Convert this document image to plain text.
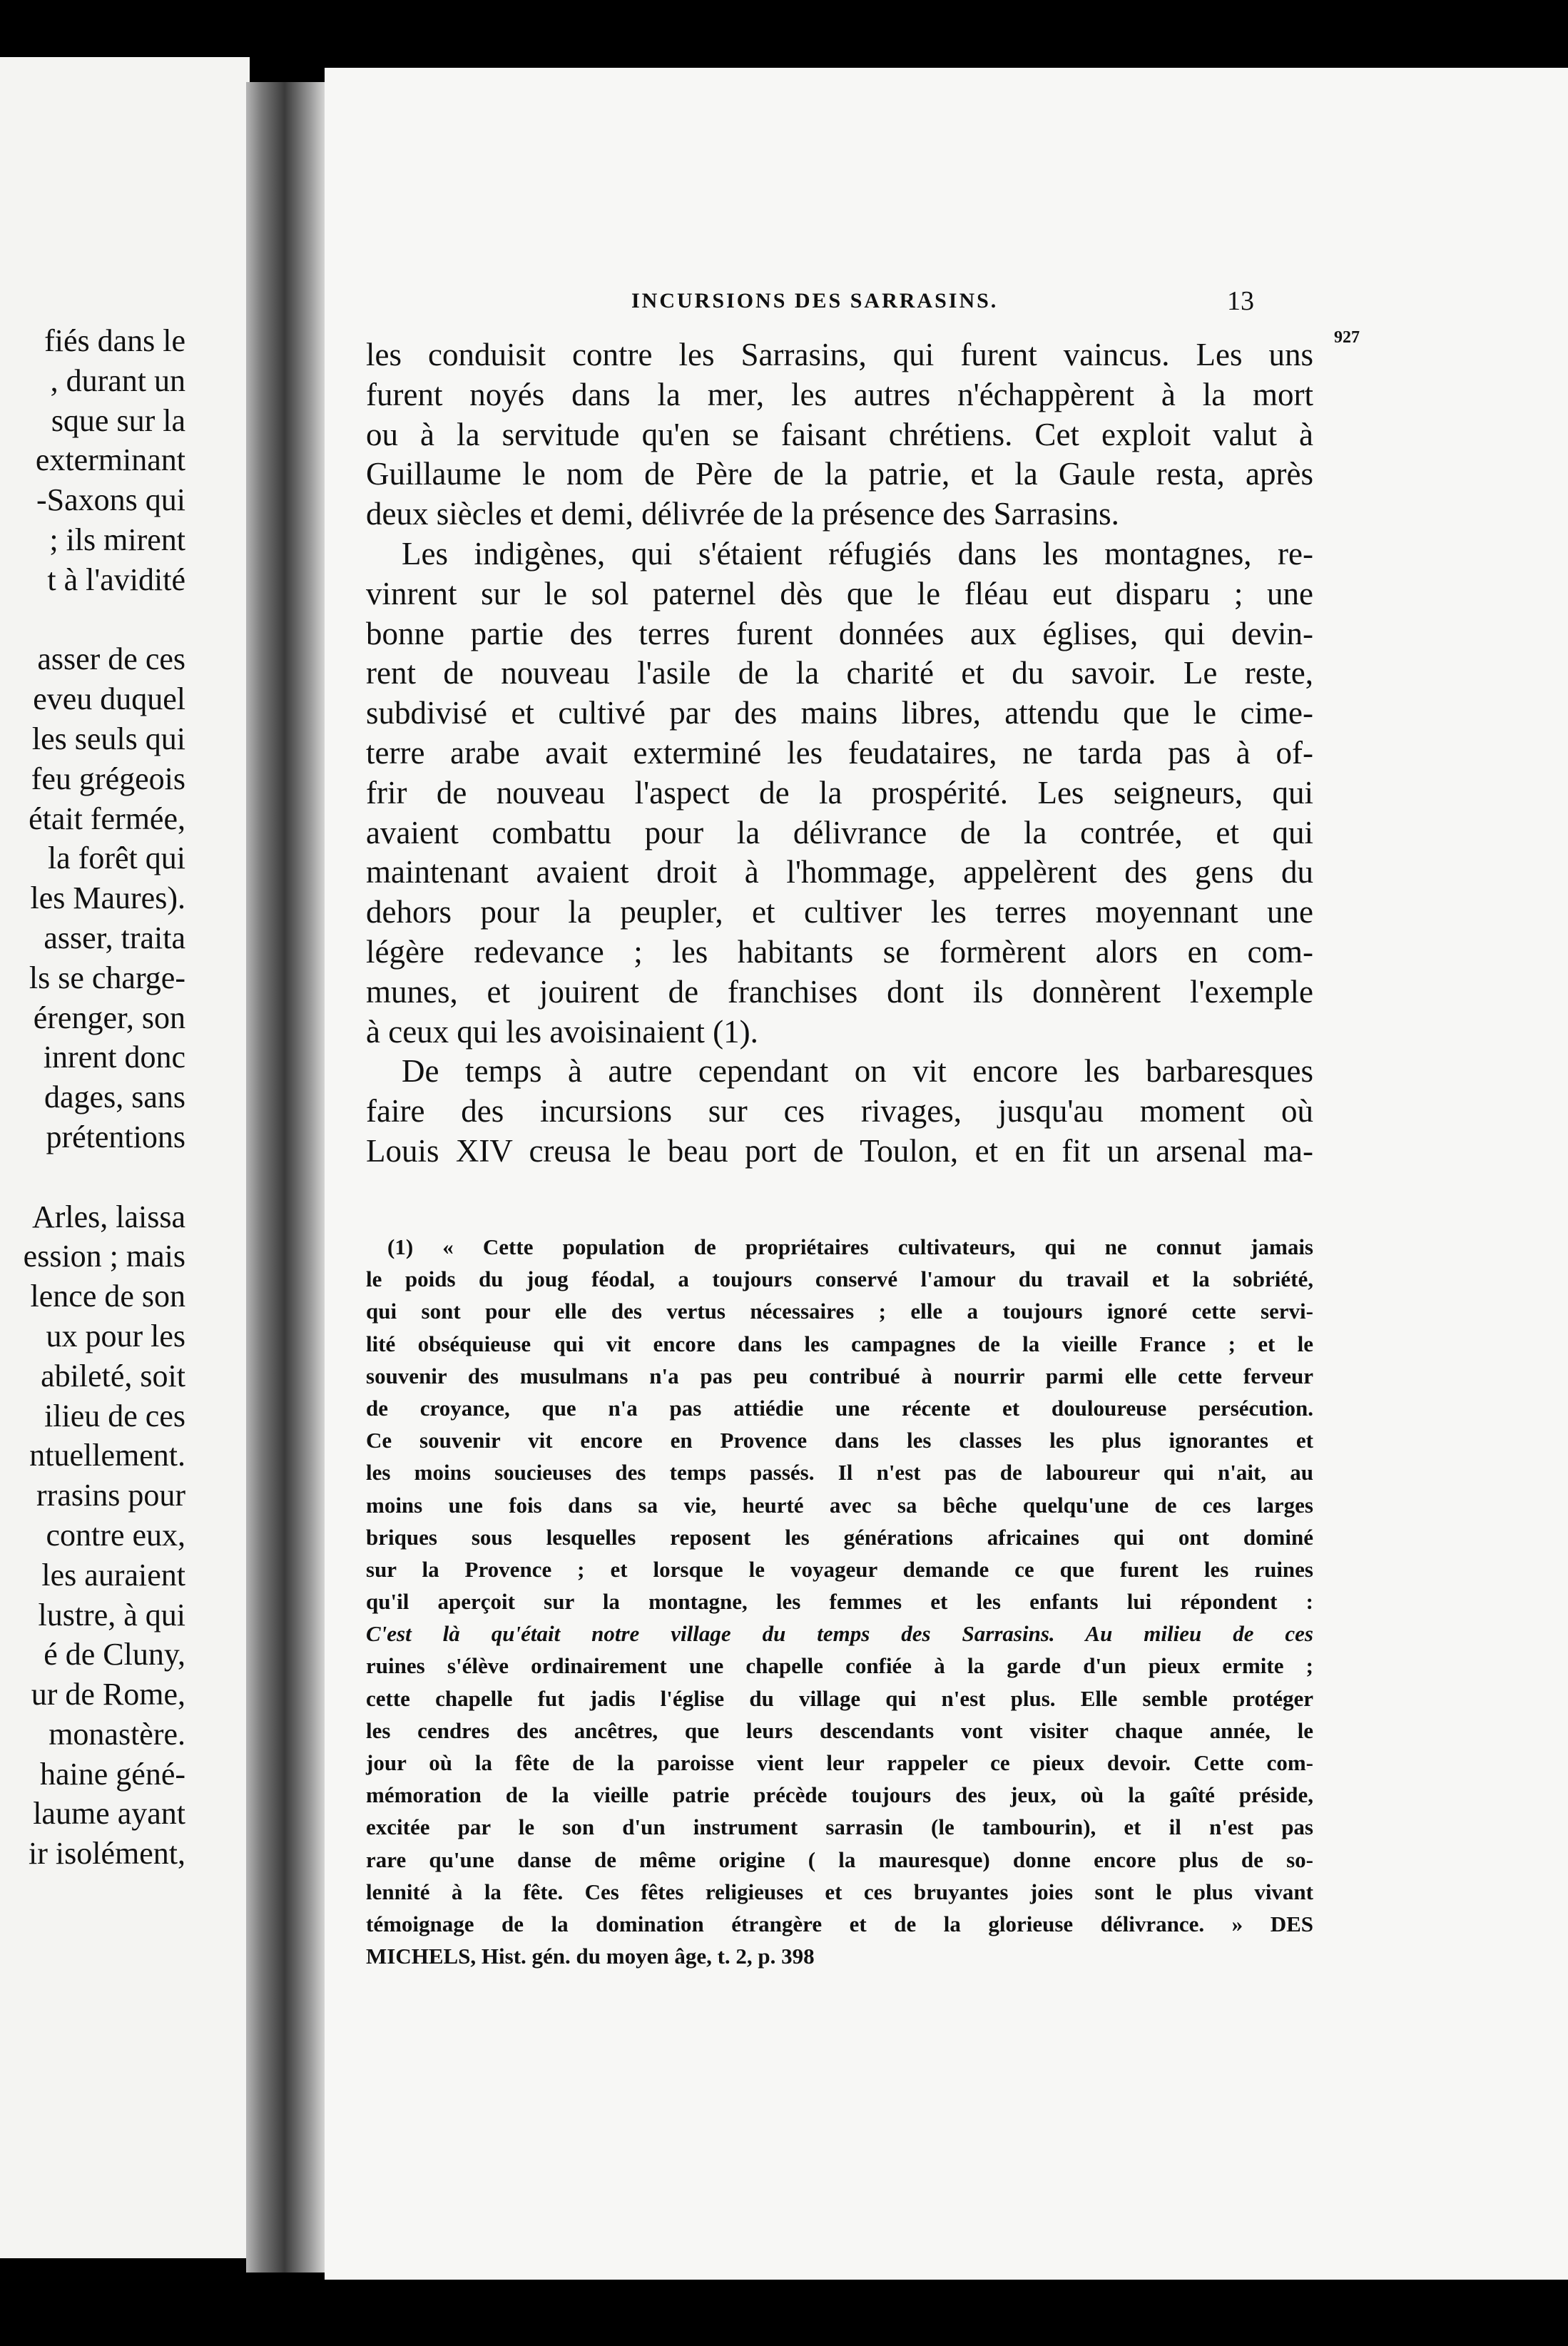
fiés dans le
, durant un
sque sur la
exterminant
-Saxons qui
; ils mirent
t à l'avidité
asser de ces
eveu duquel
les seuls qui
feu grégeois
était fermée,
la forêt qui
les Maures).
asser, traita
ls se charge-
érenger, son
inrent donc
dages, sans
prétentions
Arles, laissa
ession ; mais
lence de son
ux pour les
abileté, soit
ilieu de ces
ntuellement.
rrasins pour
contre eux,
les auraient
lustre, à qui
é de Cluny,
ur de Rome,
monastère.
haine géné-
laume ayant
ir isolément,
INCURSIONS DES SARRASINS.	13
927
les conduisit contre les Sarrasins, qui furent vaincus. Les uns
furent noyés dans la mer, les autres n'échappèrent à la mort
ou à la servitude qu'en se faisant chrétiens. Cet exploit valut à
Guillaume le nom de Père de la patrie, et la Gaule resta, après
deux siècles et demi, délivrée de la présence des Sarrasins.
Les indigènes, qui s'étaient réfugiés dans les montagnes, re-
vinrent sur le sol paternel dès que le fléau eut disparu ; une
bonne partie des terres furent données aux églises, qui devin-
rent de nouveau l'asile de la charité et du savoir. Le reste,
subdivisé et cultivé par des mains libres, attendu que le cime-
terre arabe avait exterminé les feudataires, ne tarda pas à of-
frir de nouveau l'aspect de la prospérité. Les seigneurs, qui
avaient combattu pour la délivrance de la contrée, et qui
maintenant avaient droit à l'hommage, appelèrent des gens du
dehors pour la peupler, et cultiver les terres moyennant une
légère redevance ; les habitants se formèrent alors en com-
munes, et jouirent de franchises dont ils donnèrent l'exemple
à ceux qui les avoisinaient (1).
De temps à autre cependant on vit encore les barbaresques
faire des incursions sur ces rivages, jusqu'au moment où
Louis XIV creusa le beau port de Toulon, et en fit un arsenal ma-
(1) « Cette population de propriétaires cultivateurs, qui ne connut jamais
le poids du joug féodal, a toujours conservé l'amour du travail et la sobriété,
qui sont pour elle des vertus nécessaires ; elle a toujours ignoré cette servi-
lité obséquieuse qui vit encore dans les campagnes de la vieille France ; et le
souvenir des musulmans n'a pas peu contribué à nourrir parmi elle cette ferveur
de croyance, que n'a pas attiédie une récente et douloureuse persécution.
Ce souvenir vit encore en Provence dans les classes les plus ignorantes et
les moins soucieuses des temps passés. Il n'est pas de laboureur qui n'ait, au
moins une fois dans sa vie, heurté avec sa bêche quelqu'une de ces larges
briques sous lesquelles reposent les générations africaines qui ont dominé
sur la Provence ; et lorsque le voyageur demande ce que furent les ruines
qu'il aperçoit sur la montagne, les femmes et les enfants lui répondent :
C'est là qu'était notre village du temps des Sarrasins. Au milieu de ces
ruines s'élève ordinairement une chapelle confiée à la garde d'un pieux ermite ;
cette chapelle fut jadis l'église du village qui n'est plus. Elle semble protéger
les cendres des ancêtres, que leurs descendants vont visiter chaque année, le
jour où la fête de la paroisse vient leur rappeler ce pieux devoir. Cette com-
mémoration de la vieille patrie précède toujours des jeux, où la gaîté préside,
excitée par le son d'un instrument sarrasin (le tambourin), et il n'est pas
rare qu'une danse de même origine ( la mauresque) donne encore plus de so-
lennité à la fête. Ces fêtes religieuses et ces bruyantes joies sont le plus vivant
témoignage de la domination étrangère et de la glorieuse délivrance. » DES
MICHELS, Hist. gén. du moyen âge, t. 2, p. 398
